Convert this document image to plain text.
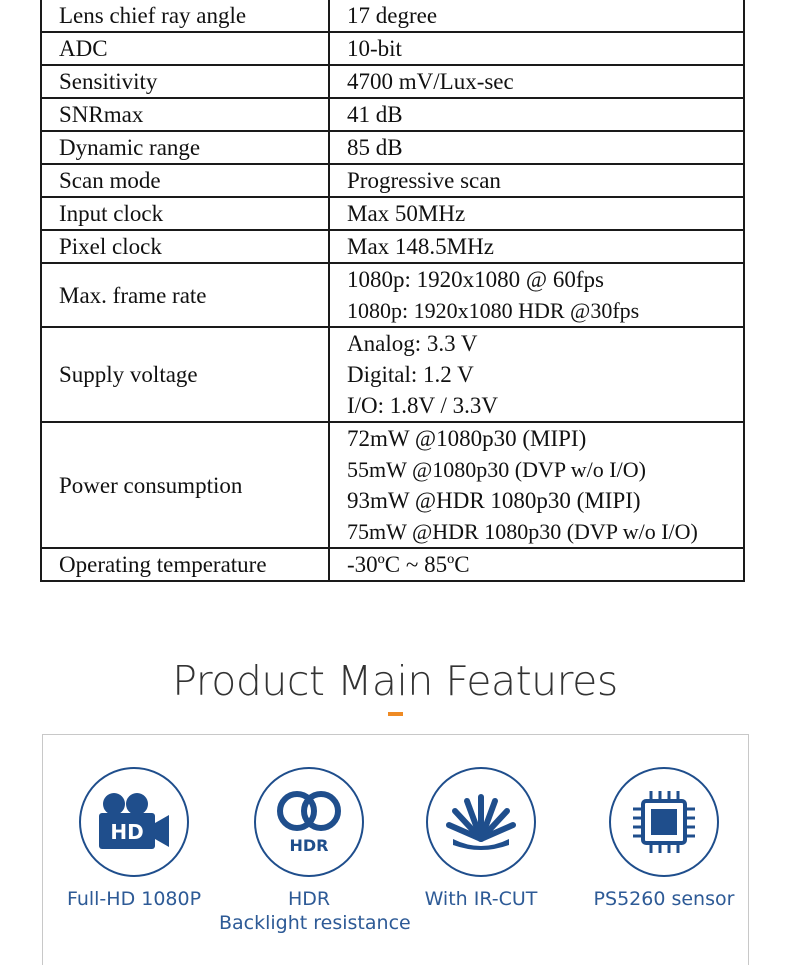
Lens chief ray angle	17 degree

ADC	10-bit

Sensitivity	4700 mV/Lux-sec

SNRmax	41 dB

Dynamic range	85 dB

Scan mode	Progressive scan

Input clock	Max 50MHz

Pixel clock	Max 148.5MHz

Max. frame rate	1080p: 1920x1080 @ 60fps
1080p: 1920x1080 HDR @30fps

Supply voltage	Analog: 3.3 V
Digital: 1.2 V
I/O: 1.8V / 3.3V

Power consumption	72mW @1080p30 (MIPI)
55mW @1080p30 (DVP w/o I/O)
93mW @HDR 1080p30 (MIPI)
75mW @HDR 1080p30 (DVP w/o I/O)

Operating temperature	-30ºC ~ 85ºC
Product Main Features
HD
Full-HD 1080P
HDR
HDR
Backlight resistance
With IR-CUT	PS5260 sensor
